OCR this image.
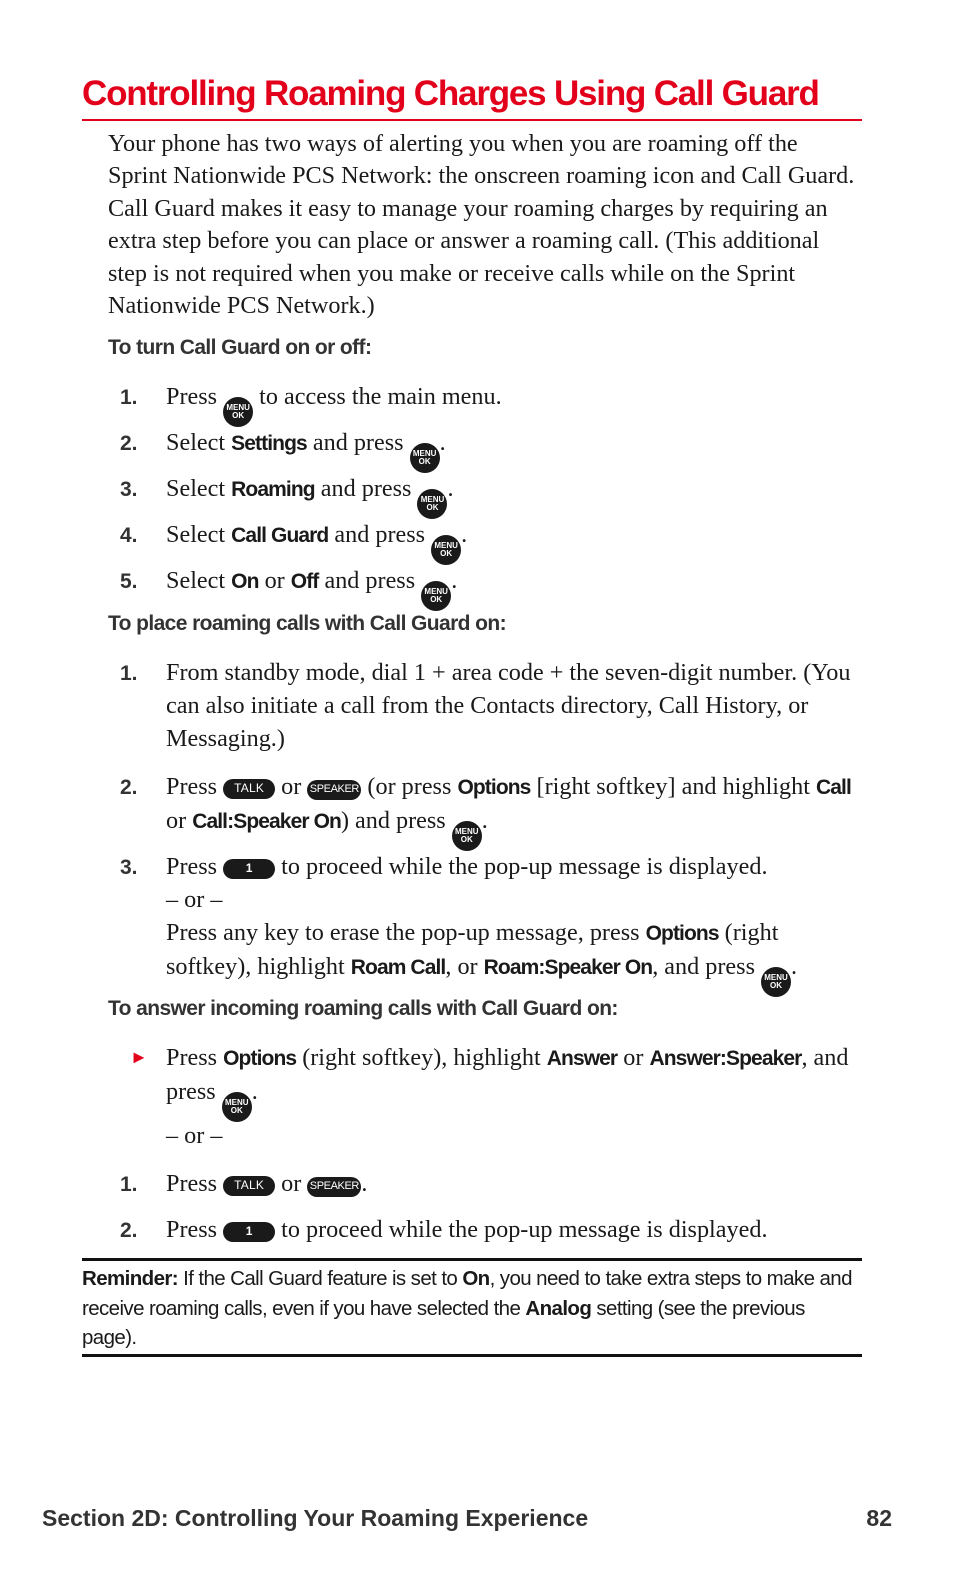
Controlling Roaming Charges Using Call Guard

Your phone has two ways of alerting you when you are roaming off the Sprint Nationwide PCS Network: the onscreen roaming icon and Call Guard. Call Guard makes it easy to manage your roaming charges by requiring an extra step before you can place or answer a roaming call. (This additional step is not required when you make or receive calls while on the Sprint Nationwide PCS Network.)

To turn Call Guard on or off:

1.	Press MENU
OK
to access the main menu.
2.	Select Settings and press MENU
OK
.
3.	Select Roaming and press MENU
OK
.
4.	Select Call Guard and press MENU
OK
.
5.	Select On or Off and press MENU
OK
.

To place roaming calls with Call Guard on:

1.	From standby mode, dial 1 + area code + the seven-digit number. (You can also initiate a call from the Contacts directory, Call History, or Messaging.)
2.	Press TALK or SPEAKER (or press Options [right softkey] and highlight Call or Call:Speaker On) and press MENU
OK
.
3.	Press 1 to proceed while the pop-up message is displayed.
– or –
Press any key to erase the pop-up message, press Options (right softkey), highlight Roam Call, or Roam:Speaker On, and press MENU
OK
.

To answer incoming roaming calls with Call Guard on:

► Press Options (right softkey), highlight Answer or Answer:Speaker, and press MENU
OK
.
– or –
1.	Press TALK or SPEAKER .
2.	Press 1 to proceed while the pop-up message is displayed.

Reminder: If the Call Guard feature is set to On, you need to take extra steps to make and receive roaming calls, even if you have selected the Analog setting (see the previous page).

Section 2D: Controlling Your Roaming Experience	82
